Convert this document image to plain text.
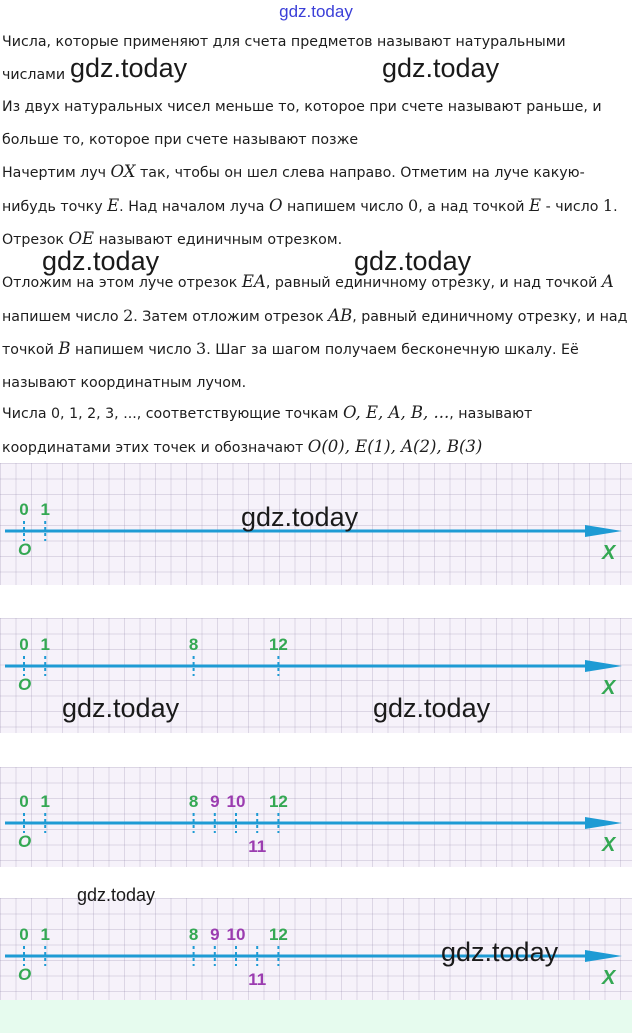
gdz.today

Числа, которые применяют для счета предметов называют натуральными

числами

Из двух натуральных чисел меньше то, которое при счете называют раньше, и больше то, которое при счете называют позже

Начертим луч OX так, чтобы он шел слева направо. Отметим на луче какую-нибудь точку E. Над началом луча O напишем число 0, а над точкой E - число 1. Отрезок OE называют единичным отрезком.

Отложим на этом луче отрезок EA, равный единичному отрезку, и над точкой A напишем число 2. Затем отложим отрезок AB, равный единичному отрезку, и над точкой B напишем число 3. Шаг за шагом получаем бесконечную шкалу. Её называют координатным лучом.

Числа 0, 1, 2, 3, ..., соответствующие точкам O, E, A, B, ..., называют координатами этих точек и обозначают O(0), E(1), A(2), B(3)

0 1
O	X
0 1	8	12
O	X
0 1	8 9 10 12
11
O	X
0 1	8 9 10 12
11
O	X
gdz.today	gdz.today
gdz.today	gdz.today
gdz.today
gdz.today	gdz.today
gdz.today
gdz.today
